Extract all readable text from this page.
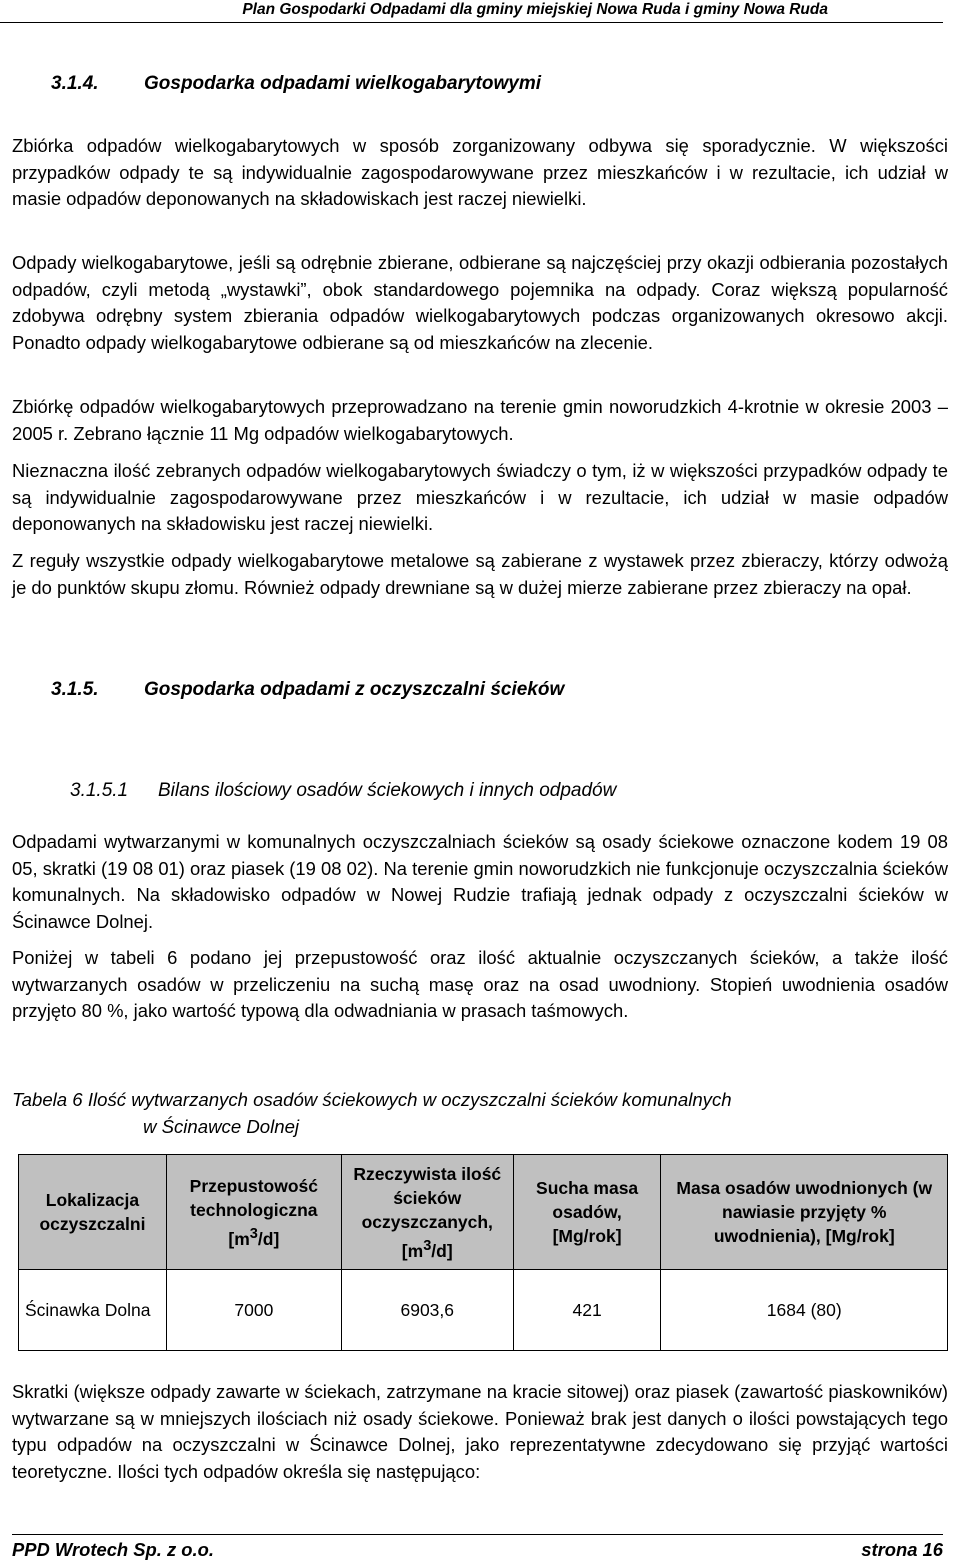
Plan Gospodarki Odpadami dla gminy miejskiej Nowa Ruda i gminy Nowa Ruda
3.1.4. Gospodarka odpadami wielkogabarytowymi

Zbiórka odpadów wielkogabarytowych w sposób zorganizowany odbywa się sporadycznie. W większości przypadków odpady te są indywidualnie zagospodarowywane przez mieszkańców i w rezultacie, ich udział w masie odpadów deponowanych na składowiskach jest raczej niewielki.

Odpady wielkogabarytowe, jeśli są odrębnie zbierane, odbierane są najczęściej przy okazji odbierania pozostałych odpadów, czyli metodą „wystawki”, obok standardowego pojemnika na odpady. Coraz większą popularność zdobywa odrębny system zbierania odpadów wielkogabarytowych podczas organizowanych okresowo akcji. Ponadto odpady wielkogabarytowe odbierane są od mieszkańców na zlecenie.

Zbiórkę odpadów wielkogabarytowych przeprowadzano na terenie gmin noworudzkich 4-krotnie w okresie 2003 – 2005 r. Zebrano łącznie 11 Mg odpadów wielkogabarytowych.

Nieznaczna ilość zebranych odpadów wielkogabarytowych świadczy o tym, iż w większości przypadków odpady te są indywidualnie zagospodarowywane przez mieszkańców i w rezultacie, ich udział w masie odpadów deponowanych na składowisku jest raczej niewielki.

Z reguły wszystkie odpady wielkogabarytowe metalowe są zabierane z wystawek przez zbieraczy, którzy odwożą je do punktów skupu złomu. Również odpady drewniane są w dużej mierze zabierane przez zbieraczy na opał.

3.1.5. Gospodarka odpadami z oczyszczalni ścieków
3.1.5.1 Bilans ilościowy osadów ściekowych i innych odpadów

Odpadami wytwarzanymi w komunalnych oczyszczalniach ścieków są osady ściekowe oznaczone kodem 19 08 05, skratki (19 08 01) oraz piasek (19 08 02). Na terenie gmin noworudzkich nie funkcjonuje oczyszczalnia ścieków komunalnych. Na składowisko odpadów w Nowej Rudzie trafiają jednak odpady z oczyszczalni ścieków w Ścinawce Dolnej.

Poniżej w tabeli 6 podano jej przepustowość oraz ilość aktualnie oczyszczanych ścieków, a także ilość wytwarzanych osadów w przeliczeniu na suchą masę oraz na osad uwodniony. Stopień uwodnienia osadów przyjęto 80 %, jako wartość typową dla odwadniania w prasach taśmowych.

Tabela 6 Ilość wytwarzanych osadów ściekowych w oczyszczalni ścieków komunalnych
w Ścinawce Dolnej
Lokalizacja oczyszczalni	Przepustowość technologiczna $[m^3/d]$	Rzeczywista ilość ścieków oczyszczanych, $[m^3/d]$	Sucha masa osadów, [Mg/rok]	Masa osadów uwodnionych (w nawiasie przyjęty % uwodnienia), [Mg/rok]
Ścinawka Dolna	7000	6903,6	421	1684 (80)

Skratki (większe odpady zawarte w ściekach, zatrzymane na kracie sitowej) oraz piasek (zawartość piaskowników) wytwarzane są w mniejszych ilościach niż osady ściekowe. Ponieważ brak jest danych o ilości powstających tego typu odpadów na oczyszczalni w Ścinawce Dolnej, jako reprezentatywne zdecydowano się przyjąć wartości teoretyczne. Ilości tych odpadów określa się następująco:

PPD Wrotech Sp. z o.o.	strona 16
